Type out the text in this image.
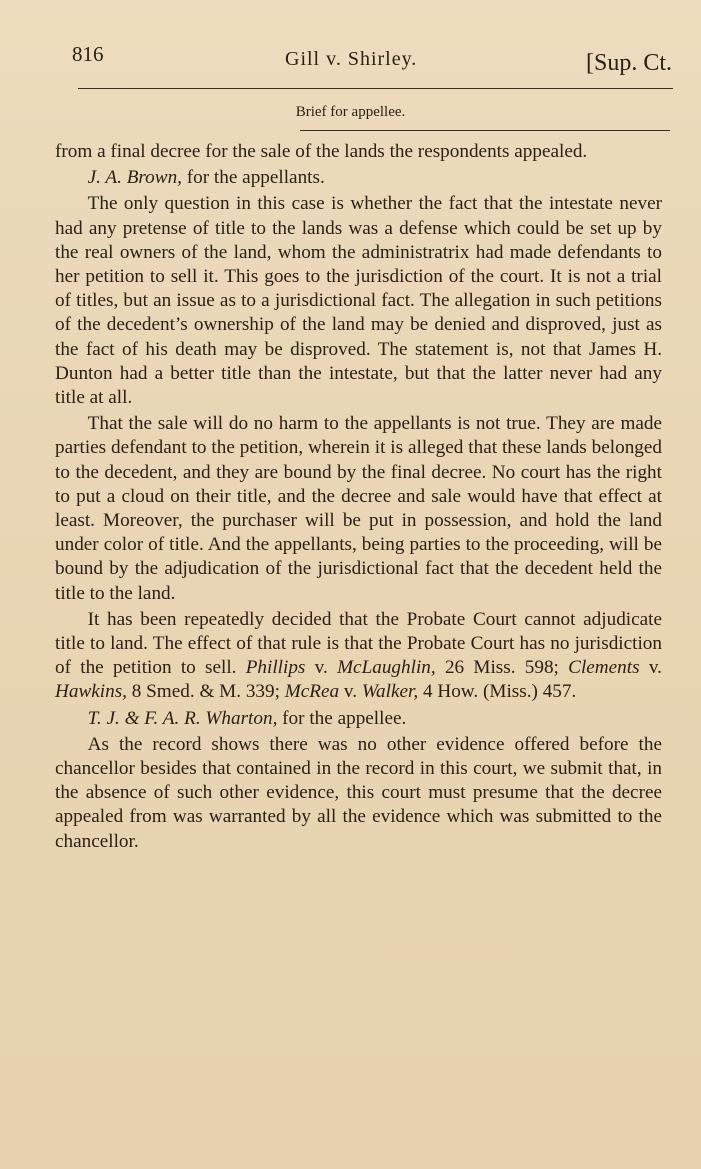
816	Gill v. Shirley.	[Sup. Ct.
Brief for appellee.

from a final decree for the sale of the lands the respondents appealed.

J. A. Brown, for the appellants.

The only question in this case is whether the fact that the intestate never had any pretense of title to the lands was a defense which could be set up by the real owners of the land, whom the administratrix had made defendants to her petition to sell it. This goes to the jurisdiction of the court. It is not a trial of titles, but an issue as to a jurisdictional fact. The allegation in such petitions of the decedent’s ownership of the land may be denied and disproved, just as the fact of his death may be disproved. The statement is, not that James H. Dunton had a better title than the intestate, but that the latter never had any title at all.

That the sale will do no harm to the appellants is not true. They are made parties defendant to the petition, wherein it is alleged that these lands belonged to the decedent, and they are bound by the final decree. No court has the right to put a cloud on their title, and the decree and sale would have that effect at least. Moreover, the purchaser will be put in possession, and hold the land under color of title. And the appellants, being parties to the proceeding, will be bound by the adjudication of the jurisdictional fact that the decedent held the title to the land.

It has been repeatedly decided that the Probate Court cannot adjudicate title to land. The effect of that rule is that the Probate Court has no jurisdiction of the petition to sell. Phillips v. McLaughlin, 26 Miss. 598; Clements v. Hawkins, 8 Smed. & M. 339; McRea v. Walker, 4 How. (Miss.) 457.

T. J. & F. A. R. Wharton, for the appellee.

As the record shows there was no other evidence offered before the chancellor besides that contained in the record in this court, we submit that, in the absence of such other evidence, this court must presume that the decree appealed from was warranted by all the evidence which was submitted to the chancellor.
